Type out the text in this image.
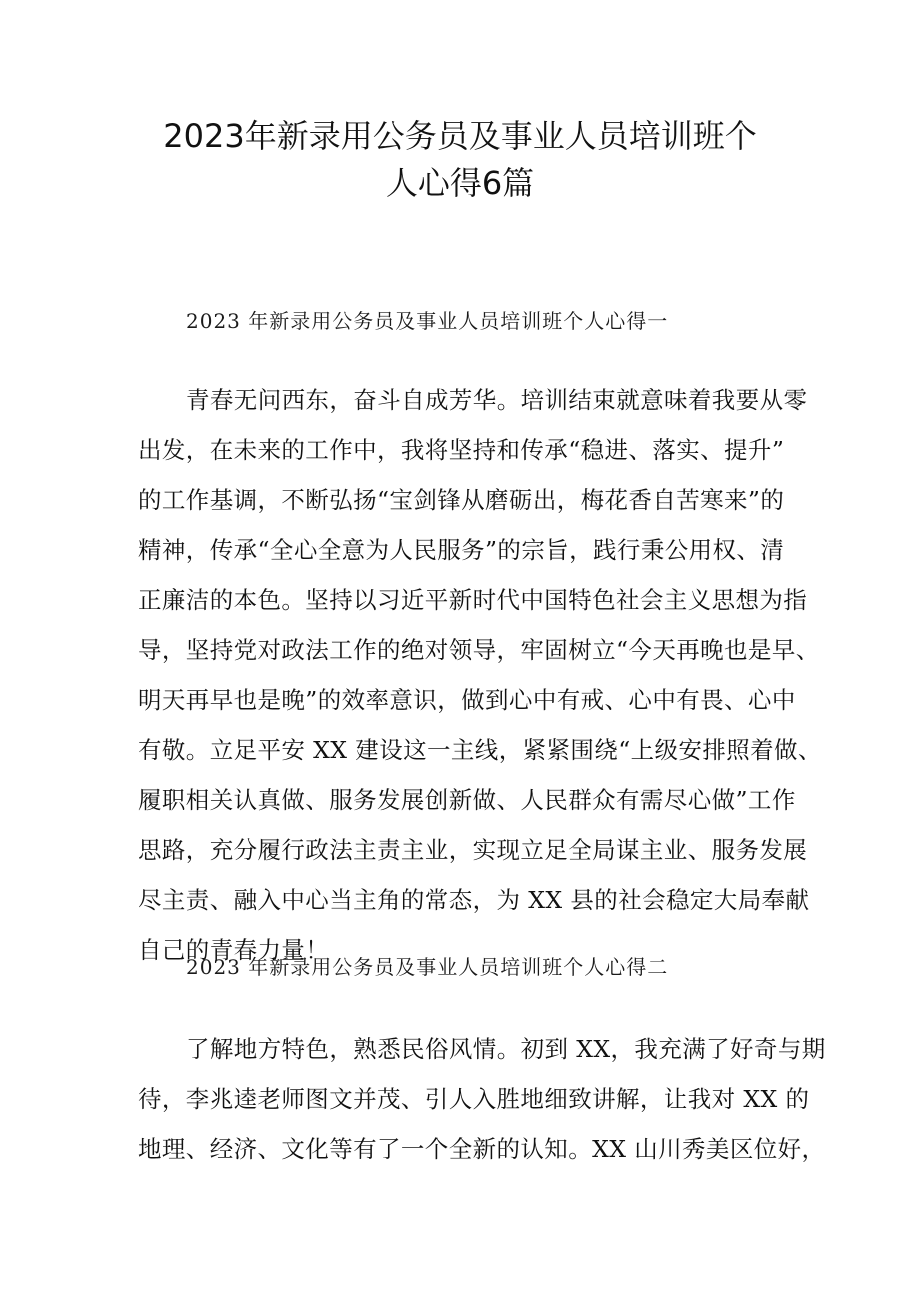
2023年新录用公务员及事业人员培训班个
人心得6篇
2023 年新录用公务员及事业人员培训班个人心得一
青春无问西东，奋斗自成芳华。培训结束就意味着我要从零
出发，在未来的工作中，我将坚持和传承“稳进、落实、提升”
的工作基调，不断弘扬“宝剑锋从磨砺出，梅花香自苦寒来”的
精神，传承“全心全意为人民服务”的宗旨，践行秉公用权、清
正廉洁的本色。坚持以习近平新时代中国特色社会主义思想为指
导，坚持党对政法工作的绝对领导，牢固树立“今天再晚也是早、
明天再早也是晚”的效率意识，做到心中有戒、心中有畏、心中
有敬。立足平安 XX 建设这一主线，紧紧围绕“上级安排照着做、
履职相关认真做、服务发展创新做、人民群众有需尽心做”工作
思路，充分履行政法主责主业，实现立足全局谋主业、服务发展
尽主责、融入中心当主角的常态，为 XX 县的社会稳定大局奉献
自己的青春力量！
2023 年新录用公务员及事业人员培训班个人心得二
了解地方特色，熟悉民俗风情。初到 XX，我充满了好奇与期
待，李兆逵老师图文并茂、引人入胜地细致讲解，让我对 XX 的
地理、经济、文化等有了一个全新的认知。XX 山川秀美区位好，
